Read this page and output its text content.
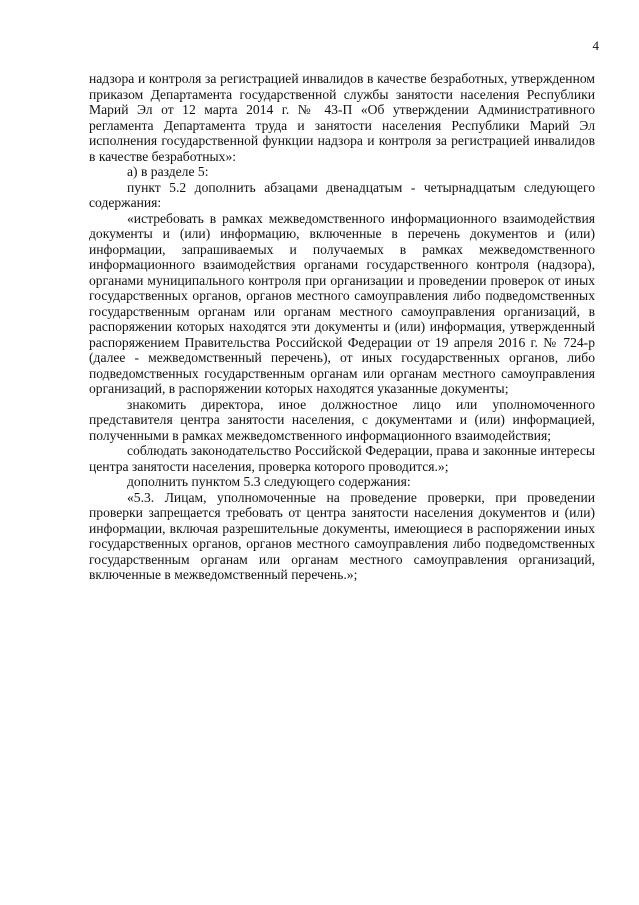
4

надзора и контроля за регистрацией инвалидов в качестве безработных, утвержденном приказом Департамента государственной службы занятости населения Республики Марий Эл от 12 марта 2014 г. № 43-П «Об утверждении Административного регламента Департамента труда и занятости населения Республики Марий Эл исполнения государственной функции надзора и контроля за регистрацией инвалидов в качестве безработных»:

а) в разделе 5:

пункт 5.2 дополнить абзацами двенадцатым - четырнадцатым следующего содержания:

«истребовать в рамках межведомственного информационного взаимодействия документы и (или) информацию, включенные в перечень документов и (или) информации, запрашиваемых и получаемых в рамках межведомственного информационного взаимодействия органами государственного контроля (надзора), органами муниципального контроля при организации и проведении проверок от иных государственных органов, органов местного самоуправления либо подведомственных государственным органам или органам местного самоуправления организаций, в распоряжении которых находятся эти документы и (или) информация, утвержденный распоряжением Правительства Российской Федерации от 19 апреля 2016 г. № 724-р (далее - межведомственный перечень), от иных государственных органов, либо подведомственных государственным органам или органам местного самоуправления организаций, в распоряжении которых находятся указанные документы;

знакомить директора, иное должностное лицо или уполномоченного представителя центра занятости населения, с документами и (или) информацией, полученными в рамках межведомственного информационного взаимодействия;

соблюдать законодательство Российской Федерации, права и законные интересы центра занятости населения, проверка которого проводится.»;

дополнить пунктом 5.3 следующего содержания:

«5.3. Лицам, уполномоченные на проведение проверки, при проведении проверки запрещается требовать от центра занятости населения документов и (или) информации, включая разрешительные документы, имеющиеся в распоряжении иных государственных органов, органов местного самоуправления либо подведомственных государственным органам или органам местного самоуправления организаций, включенные в межведомственный перечень.»;
